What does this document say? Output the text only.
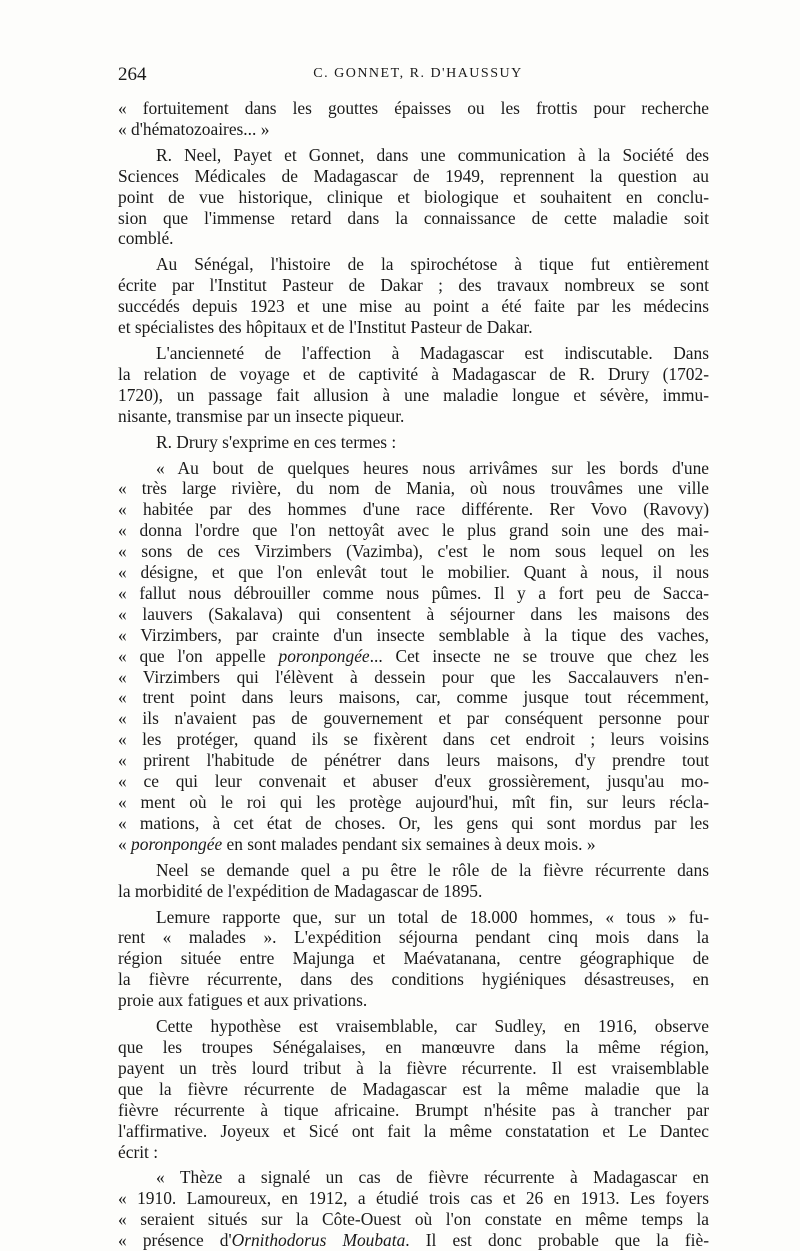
264	C. GONNET, R. D'HAUSSUY
« fortuitement dans les gouttes épaisses ou les frottis pour recherche
« d'hématozoaires... »
R. Neel, Payet et Gonnet, dans une communication à la Société des
Sciences Médicales de Madagascar de 1949, reprennent la question au
point de vue historique, clinique et biologique et souhaitent en conclu-
sion que l'immense retard dans la connaissance de cette maladie soit
comblé.
Au Sénégal, l'histoire de la spirochétose à tique fut entièrement
écrite par l'Institut Pasteur de Dakar ; des travaux nombreux se sont
succédés depuis 1923 et une mise au point a été faite par les médecins
et spécialistes des hôpitaux et de l'Institut Pasteur de Dakar.
L'ancienneté de l'affection à Madagascar est indiscutable. Dans
la relation de voyage et de captivité à Madagascar de R. Drury (1702-
1720), un passage fait allusion à une maladie longue et sévère, immu-
nisante, transmise par un insecte piqueur.
R. Drury s'exprime en ces termes :
« Au bout de quelques heures nous arrivâmes sur les bords d'une
« très large rivière, du nom de Mania, où nous trouvâmes une ville
« habitée par des hommes d'une race différente. Rer Vovo (Ravovy)
« donna l'ordre que l'on nettoyât avec le plus grand soin une des mai-
« sons de ces Virzimbers (Vazimba), c'est le nom sous lequel on les
« désigne, et que l'on enlevât tout le mobilier. Quant à nous, il nous
« fallut nous débrouiller comme nous pûmes. Il y a fort peu de Sacca-
« lauvers (Sakalava) qui consentent à séjourner dans les maisons des
« Virzimbers, par crainte d'un insecte semblable à la tique des vaches,
« que l'on appelle poronpongée... Cet insecte ne se trouve que chez les
« Virzimbers qui l'élèvent à dessein pour que les Saccalauvers n'en-
« trent point dans leurs maisons, car, comme jusque tout récemment,
« ils n'avaient pas de gouvernement et par conséquent personne pour
« les protéger, quand ils se fixèrent dans cet endroit ; leurs voisins
« prirent l'habitude de pénétrer dans leurs maisons, d'y prendre tout
« ce qui leur convenait et abuser d'eux grossièrement, jusqu'au mo-
« ment où le roi qui les protège aujourd'hui, mît fin, sur leurs récla-
« mations, à cet état de choses. Or, les gens qui sont mordus par les
« poronpongée en sont malades pendant six semaines à deux mois. »
Neel se demande quel a pu être le rôle de la fièvre récurrente dans
la morbidité de l'expédition de Madagascar de 1895.
Lemure rapporte que, sur un total de 18.000 hommes, « tous » fu-
rent « malades ». L'expédition séjourna pendant cinq mois dans la
région située entre Majunga et Maévatanana, centre géographique de
la fièvre récurrente, dans des conditions hygiéniques désastreuses, en
proie aux fatigues et aux privations.
Cette hypothèse est vraisemblable, car Sudley, en 1916, observe
que les troupes Sénégalaises, en manœuvre dans la même région,
payent un très lourd tribut à la fièvre récurrente. Il est vraisemblable
que la fièvre récurrente de Madagascar est la même maladie que la
fièvre récurrente à tique africaine. Brumpt n'hésite pas à trancher par
l'affirmative. Joyeux et Sicé ont fait la même constatation et Le Dantec
écrit :
« Thèze a signalé un cas de fièvre récurrente à Madagascar en
« 1910. Lamoureux, en 1912, a étudié trois cas et 26 en 1913. Les foyers
« seraient situés sur la Côte-Ouest où l'on constate en même temps la
« présence d'Ornithodorus Moubata. Il est donc probable que la fiè-
